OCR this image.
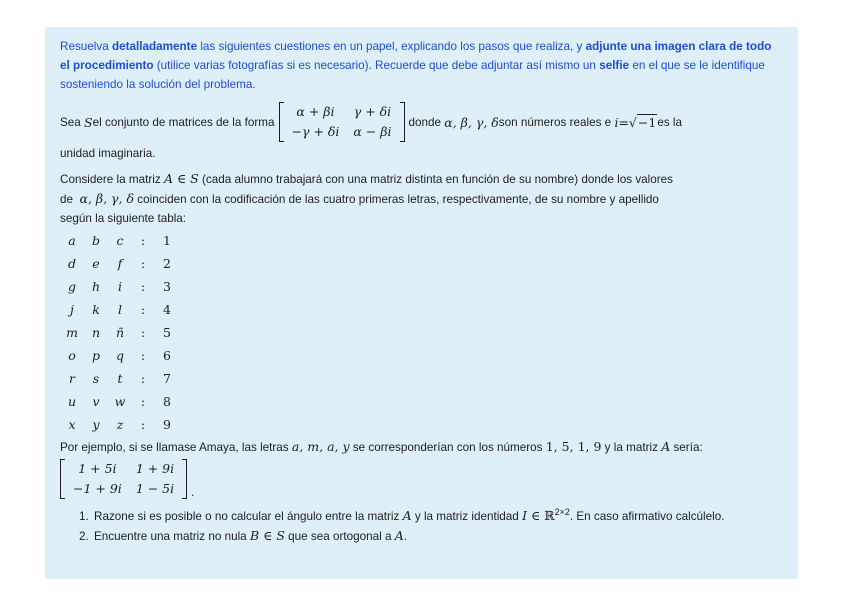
Resuelva detalladamente las siguientes cuestiones en un papel, explicando los pasos que realiza, y adjunte una imagen clara de todo el procedimiento (utilice varias fotografías si es necesario). Recuerde que debe adjuntar así mismo un selfie en el que se le identifique sosteniendo la solución del problema.

Sea
S el conjunto de matrices de la forma
α + βi	γ + δi
−γ + δi	α − βi
donde
α, β, γ, δ son números reales e
i = √−1 es la

unidad imaginaria.

Considere la matriz A ∈ S (cada alumno trabajará con una matriz distinta en función de su nombre) donde los valores
de  α, β, γ, δ coinciden con la codificación de las cuatro primeras letras, respectivamente, de su nombre y apellido
según la siguiente tabla:

a	b	c	:	1
d	e	f	:	2
g	h	i	:	3
j	k	l	:	4
m	n	ñ	:	5
o	p	q	:	6
r	s	t	:	7
u	v	w	:	8
x	y	z	:	9

Por ejemplo, si se llamase Amaya, las letras a, m, a, y se corresponderían con los números 1, 5, 1, 9 y la matriz A sería:

1 + 5i	1 + 9i
−1 + 9i	1 − 5i .
1. Razone si es posible o no calcular el ángulo entre la matriz A y la matriz identidad I ∈ ℝ$^{2\times 2}$. En caso afirmativo calcúlelo.
2. Encuentre una matriz no nula B ∈ S que sea ortogonal a A.
